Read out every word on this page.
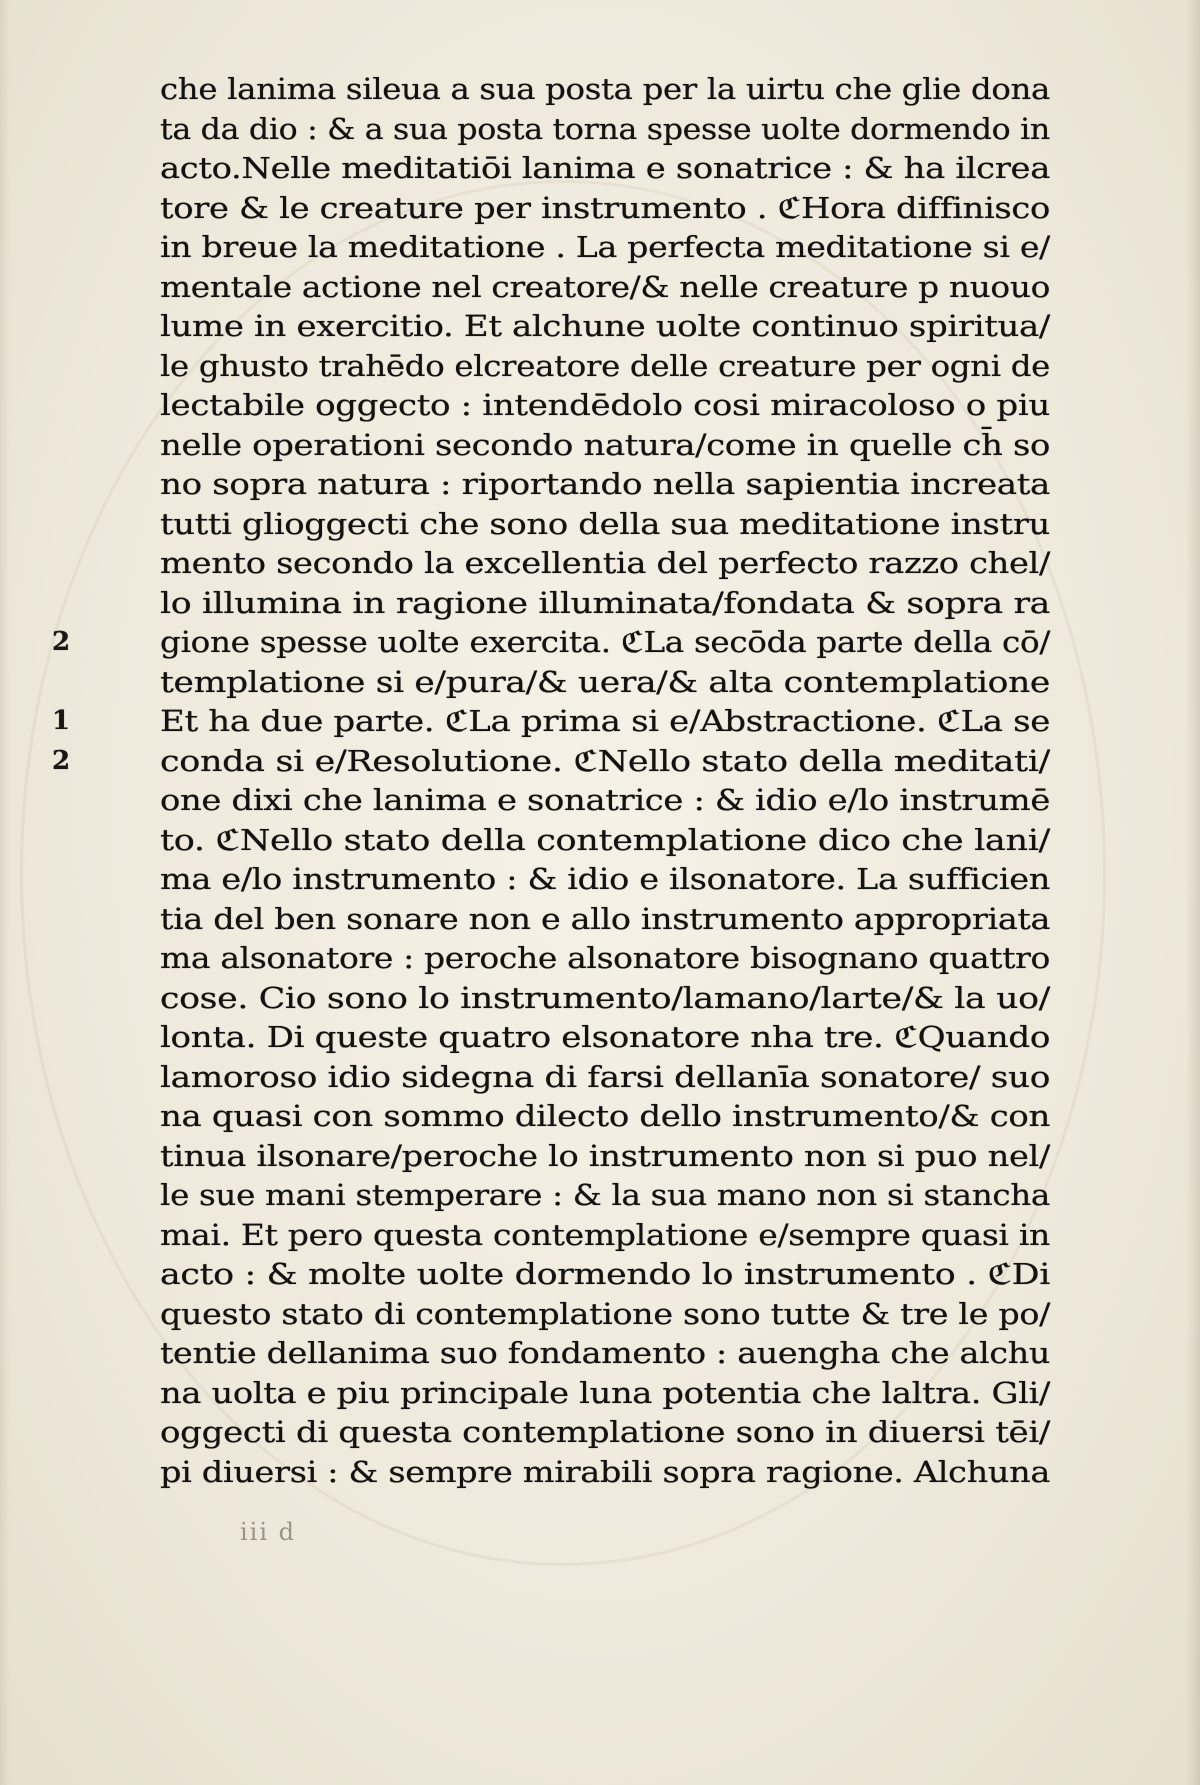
che lanima sileua a sua posta per la uirtu che glie dona
ta da dio : & a sua posta torna spesse uolte dormendo in
acto.Nelle meditatiōi lanima e sonatrice : & ha ilcrea
tore & le creature per instrumento . ℭHora diffinisco
in breue la meditatione . La perfecta meditatione si e/
mentale actione nel creatore/& nelle creature p nuouo
lume in exercitio. Et alchune uolte continuo spiritua/
le ghusto trahēdo elcreatore delle creature per ogni de
lectabile oggecto : intendēdolo cosi miracoloso o piu
nelle operationi secondo natura/come in quelle ch̄ so
no sopra natura : riportando nella sapientia increata
tutti glioggecti che sono della sua meditatione instru
mento secondo la excellentia del perfecto razzo chel/
lo illumina in ragione illuminata/fondata & sopra ra
gione spesse uolte exercita. ℭLa secōda parte della cō/
2
templatione si e/pura/& uera/& alta contemplatione
Et ha due parte. ℭLa prima si e/Abstractione. ℭLa se
1
conda si e/Resolutione. ℭNello stato della meditati/
2
one dixi che lanima e sonatrice : & idio e/lo instrumē
to. ℭNello stato della contemplatione dico che lani/
ma e/lo instrumento : & idio e ilsonatore. La sufficien
tia del ben sonare non e allo instrumento appropriata
ma alsonatore : peroche alsonatore bisognano quattro
cose. Cio sono lo instrumento/lamano/larte/& la uo/
lonta. Di queste quatro elsonatore nha tre. ℭQuando
lamoroso idio sidegna di farsi dellanīa sonatore/ suo
na quasi con sommo dilecto dello instrumento/& con
tinua ilsonare/peroche lo instrumento non si puo nel/
le sue mani stemperare : & la sua mano non si stancha
mai. Et pero questa contemplatione e/sempre quasi in
acto : & molte uolte dormendo lo instrumento . ℭDi
questo stato di contemplatione sono tutte & tre le po/
tentie dellanima suo fondamento : auengha che alchu
na uolta e piu principale luna potentia che laltra. Gli/
oggecti di questa contemplatione sono in diuersi tēi/
pi diuersi : & sempre mirabili sopra ragione. Alchuna
iii d
